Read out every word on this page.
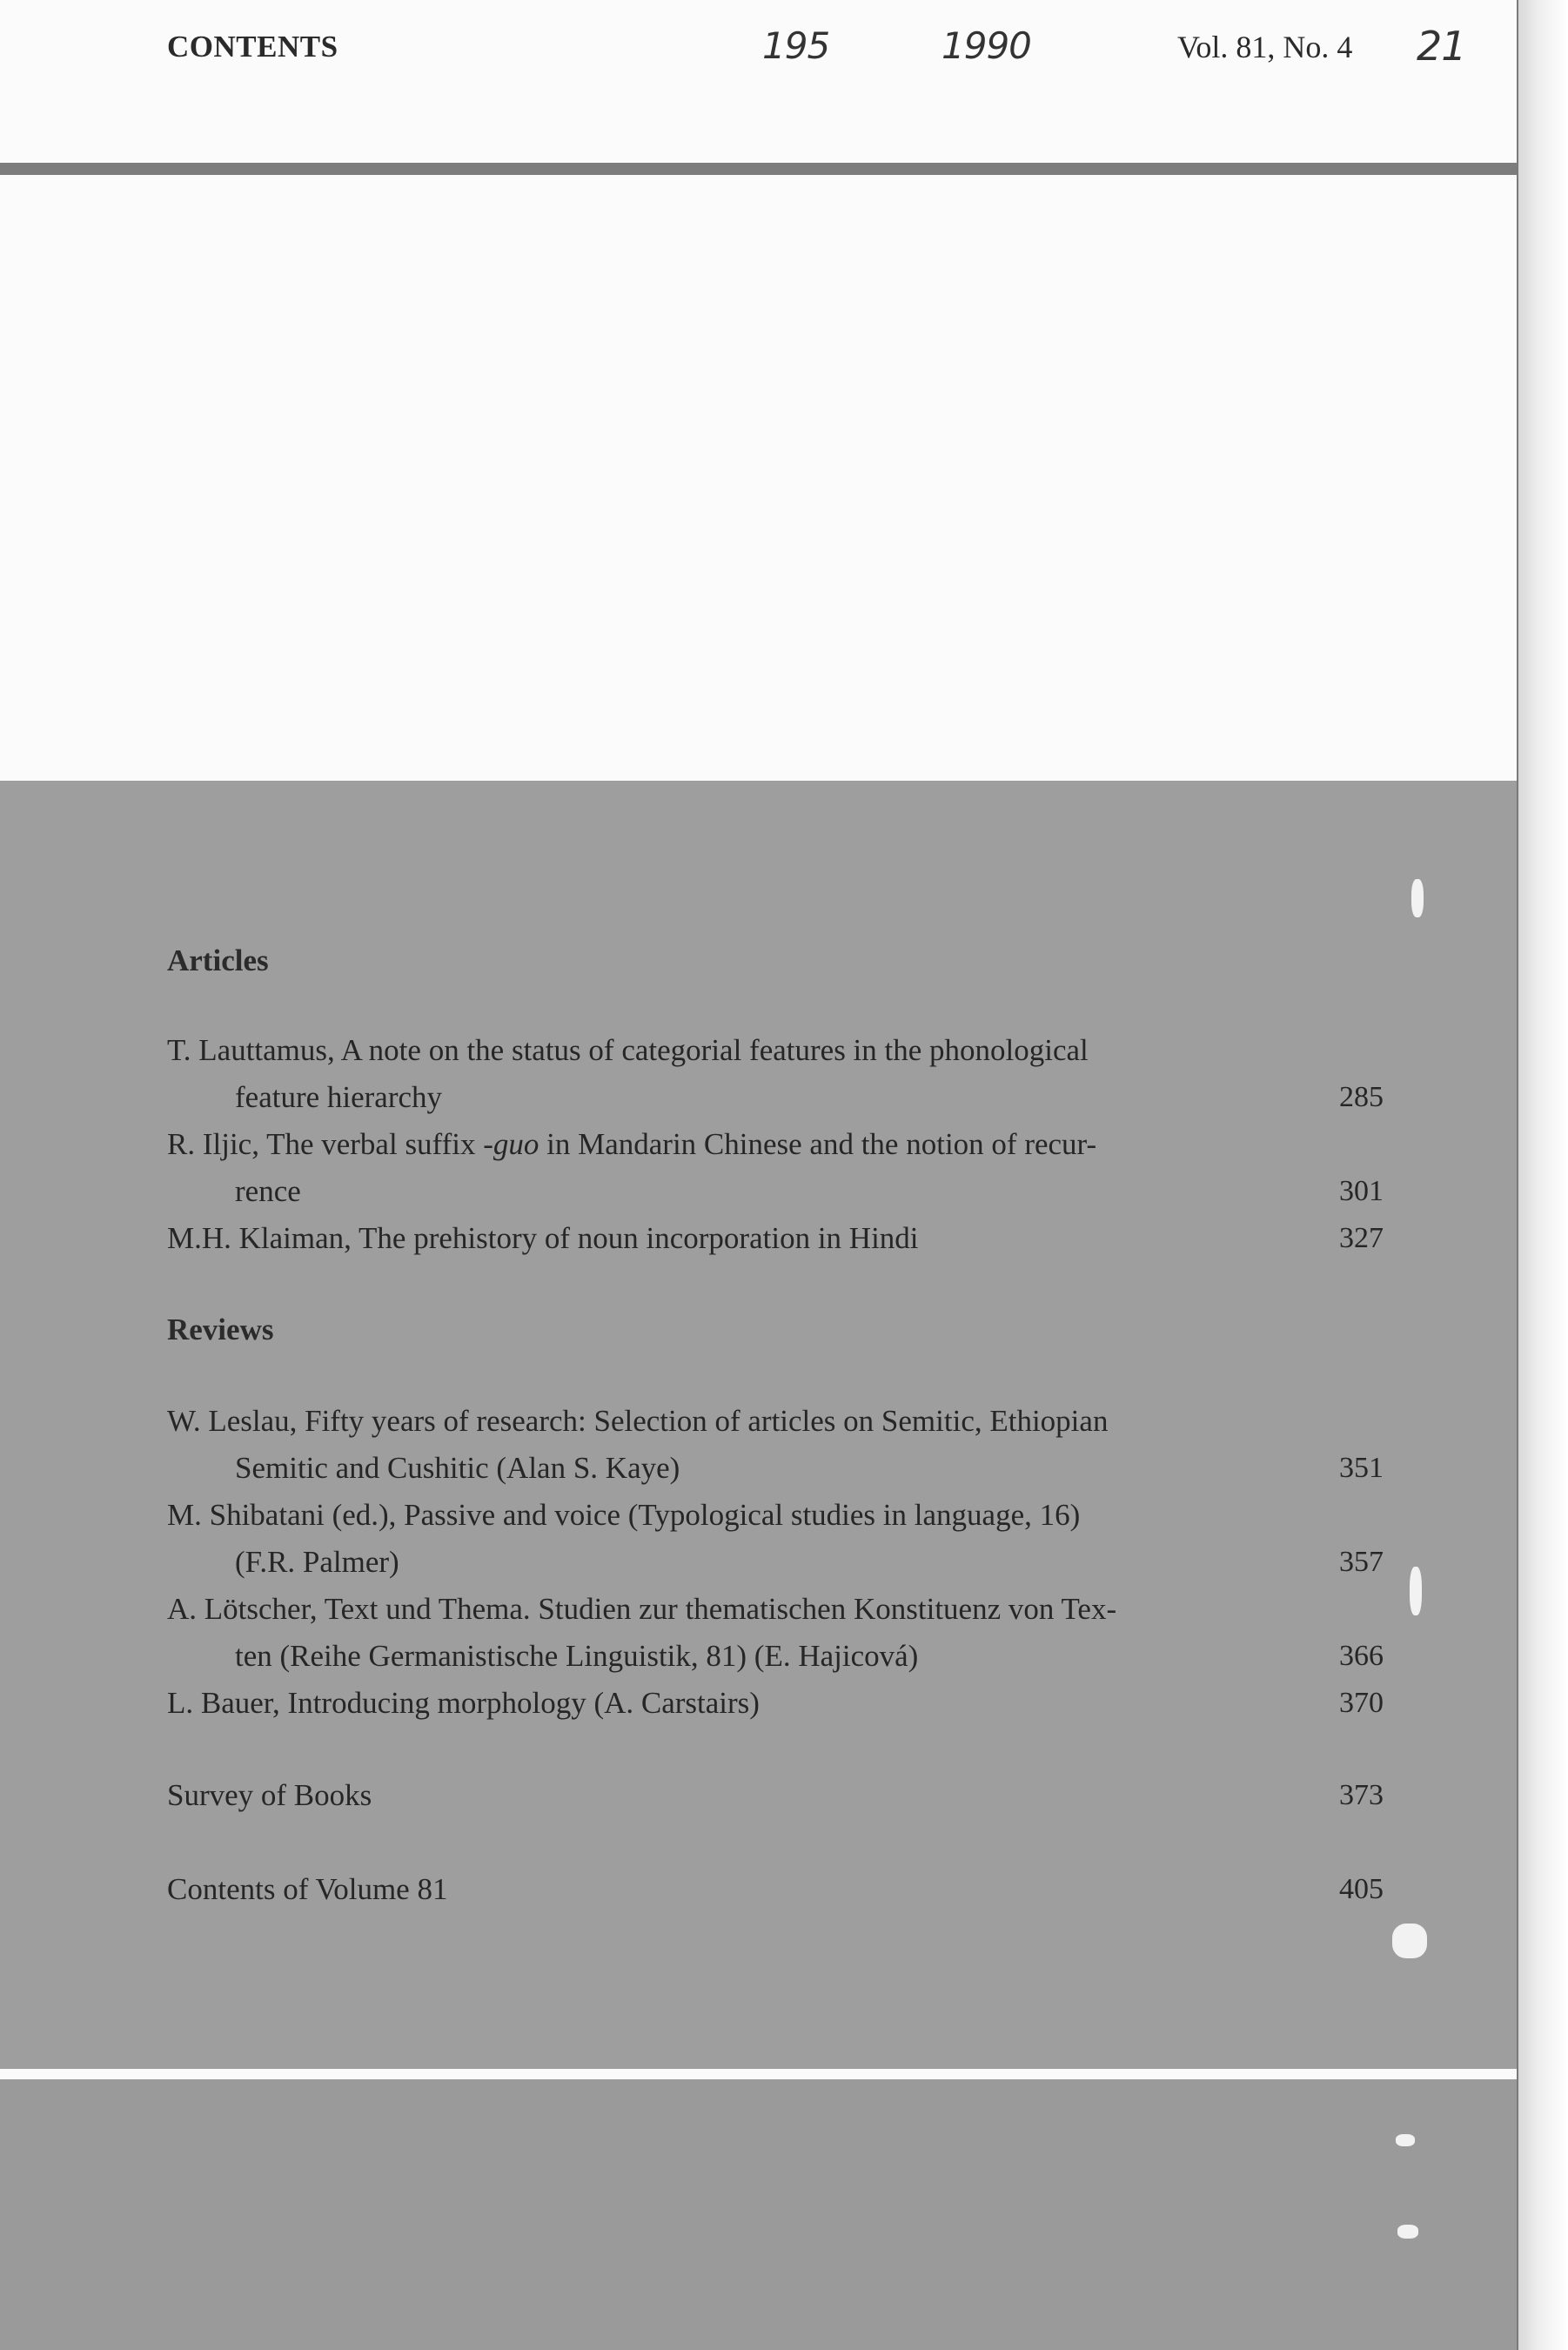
CONTENTS	195	1990	Vol. 81, No. 4 21
Articles
T. Lauttamus, A note on the status of categorial features in the phonological
feature hierarchy	285
R. Iljic, The verbal suffix -guo in Mandarin Chinese and the notion of recur-
rence	301
M.H. Klaiman, The prehistory of noun incorporation in Hindi	327
Reviews
W. Leslau, Fifty years of research: Selection of articles on Semitic, Ethiopian
Semitic and Cushitic (Alan S. Kaye)	351
M. Shibatani (ed.), Passive and voice (Typological studies in language, 16)
(F.R. Palmer)	357
A. Lötscher, Text und Thema. Studien zur thematischen Konstituenz von Tex-
ten (Reihe Germanistische Linguistik, 81) (E. Hajicová)	366
L. Bauer, Introducing morphology (A. Carstairs)	370
Survey of Books	373
Contents of Volume 81	405
